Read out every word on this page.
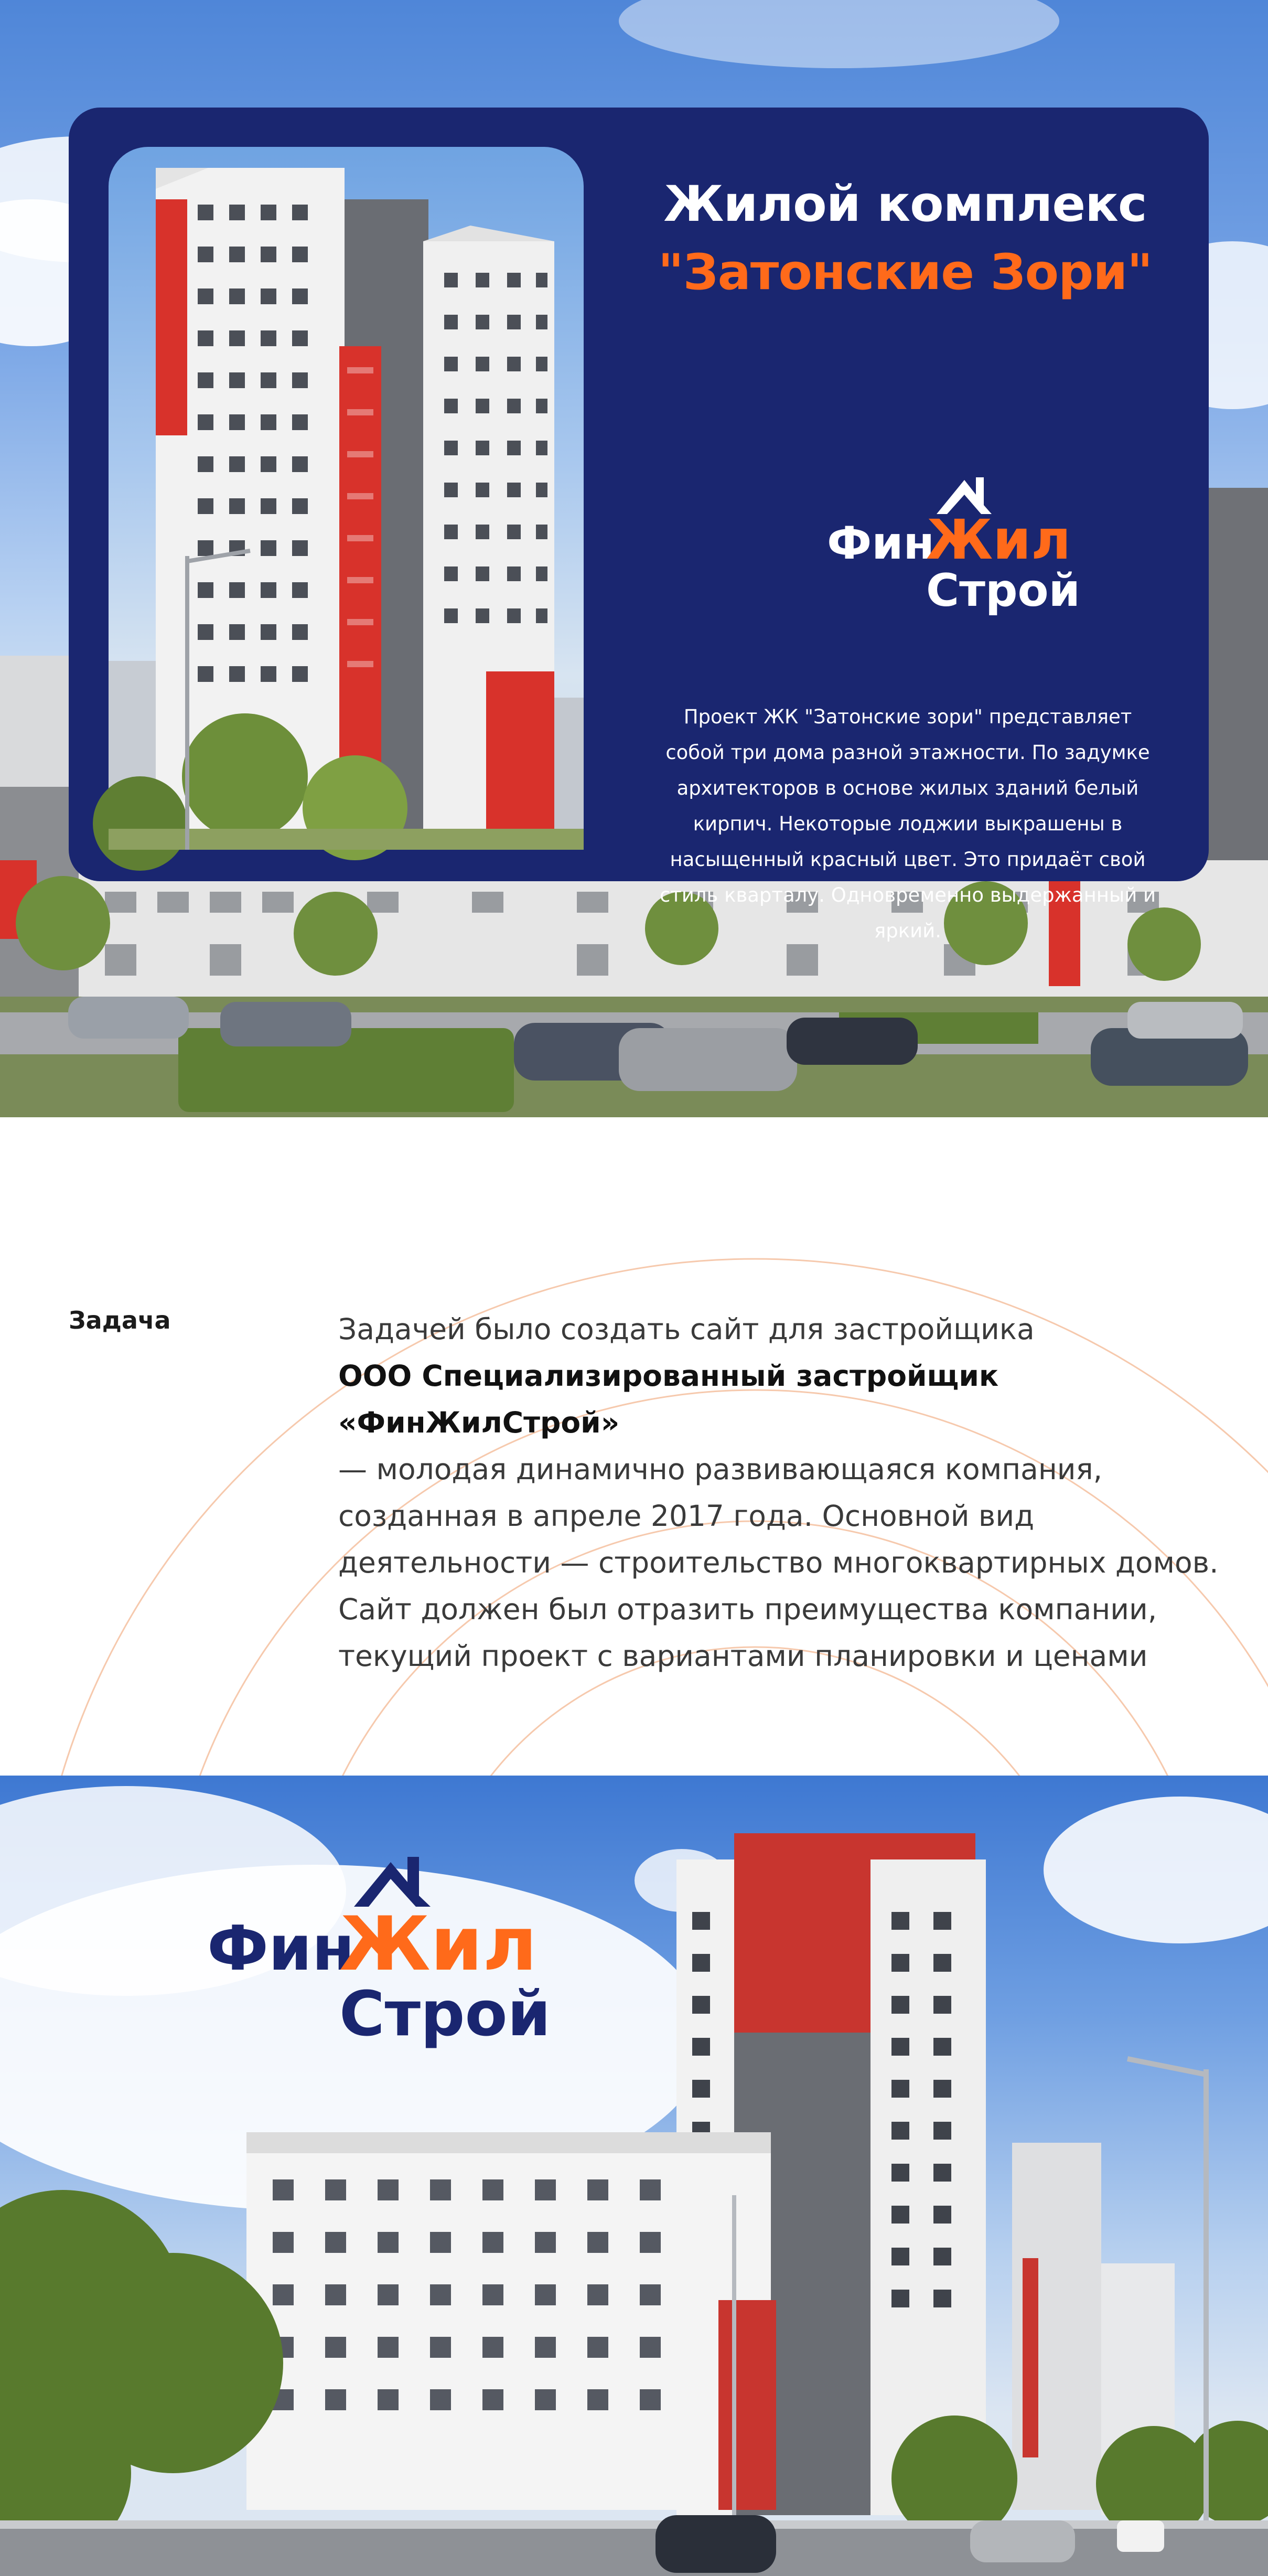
Жилой комплекс
"Затонские Зори"
Фин
Жил
Строй
Проект ЖК "Затонские зори" представляет собой три дома разной этажности. По задумке архитекторов в основе жилых зданий белый кирпич. Некоторые лоджии выкрашены в насыщенный красный цвет. Это придаёт свой стиль кварталу. Одновременно выдержанный и яркий.
Задача	Задачей было создать сайт для застройщика
ООО Специализированный застройщик «ФинЖилСтрой»
— молодая динамично развивающаяся компания, созданная в апреле 2017 года. Основной вид деятельности — строительство многоквартирных домов. Сайт должен был отразить преимущества компании, текущий проект с вариантами планировки и ценами
Фин
Жил
Строй
